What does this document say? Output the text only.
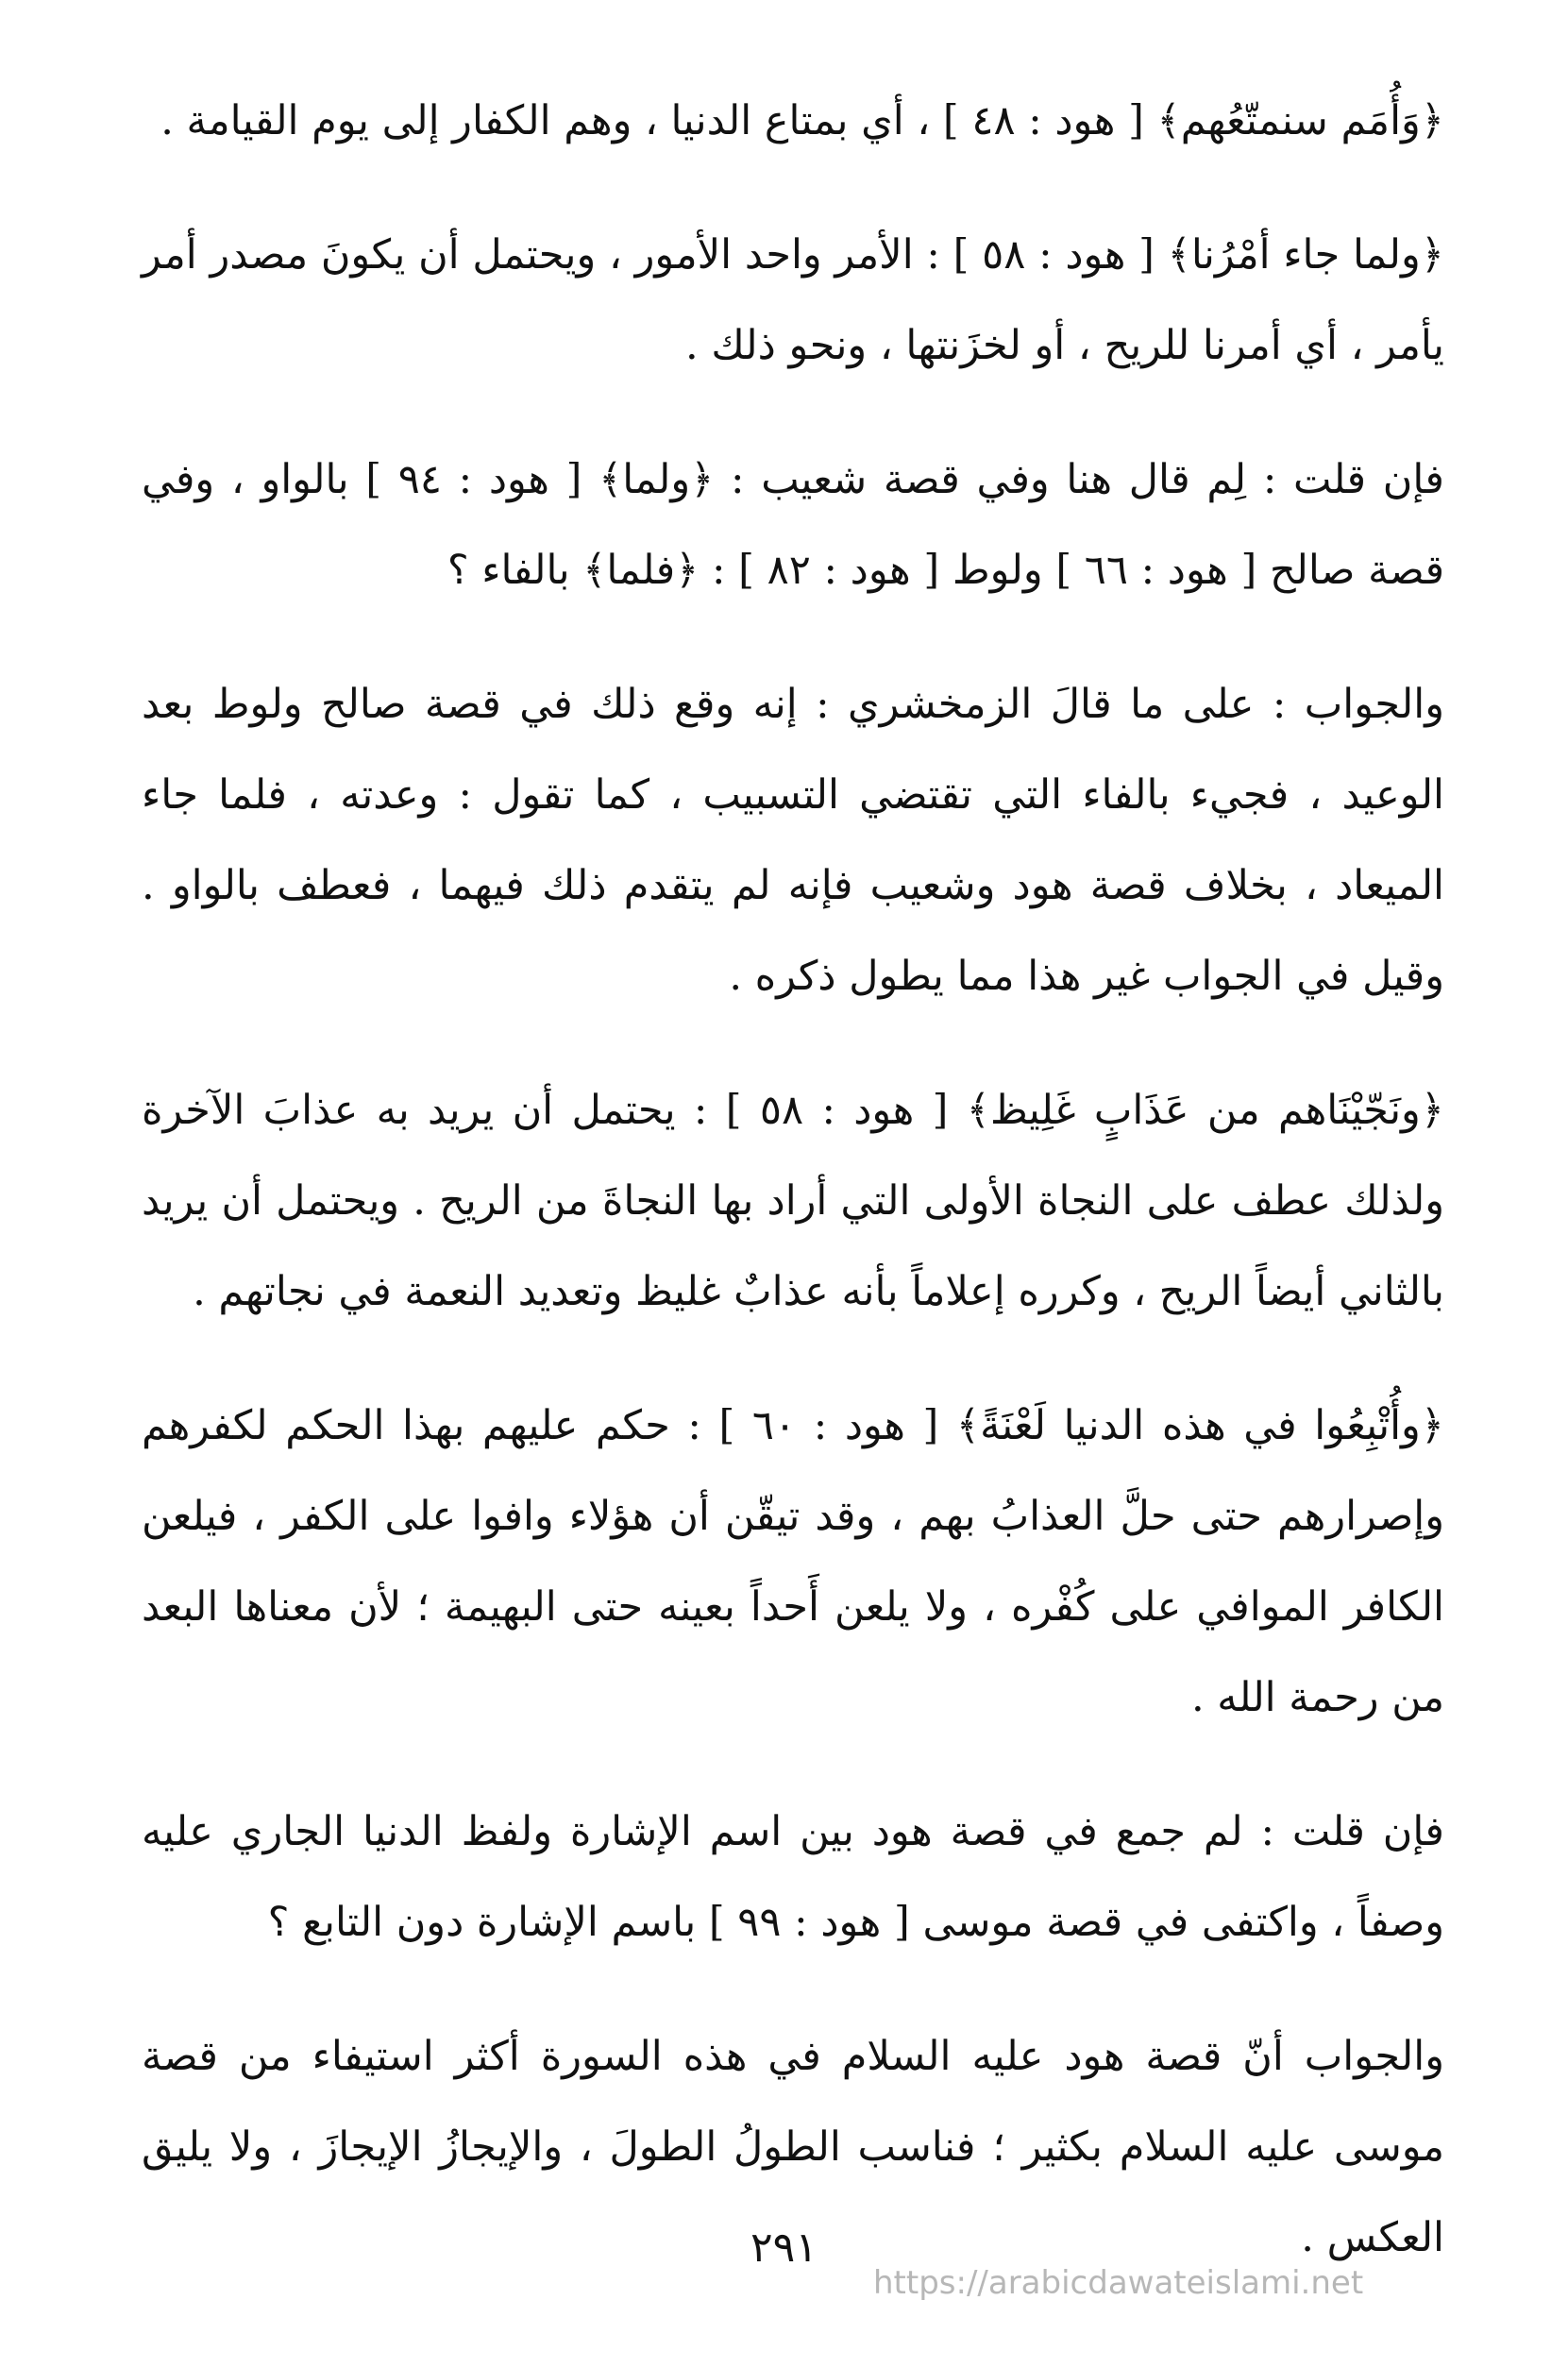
﴿وَأُمَم سنمتّعُهم﴾ [ هود : ٤٨ ] ، أي بمتاع الدنيا ، وهم الكفار إلى يوم القيامة .

﴿ولما جاء أمْرُنا﴾ [ هود : ٥٨ ] : الأمر واحد الأمور ، ويحتمل أن يكونَ مصدر أمر يأمر ، أي أمرنا للريح ، أو لخزَنتها ، ونحو ذلك .

فإن قلت : لِم قال هنا وفي قصة شعيب : ﴿ولما﴾ [ هود : ٩٤ ] بالواو ، وفي قصة صالح [ هود : ٦٦ ] ولوط [ هود : ٨٢ ] : ﴿فلما﴾ بالفاء ؟

والجواب : على ما قالَ الزمخشري : إنه وقع ذلك في قصة صالح ولوط بعد الوعيد ، فجيء بالفاء التي تقتضي التسبيب ، كما تقول : وعدته ، فلما جاء الميعاد ، بخلاف قصة هود وشعيب فإنه لم يتقدم ذلك فيهما ، فعطف بالواو . وقيل في الجواب غير هذا مما يطول ذكره .

﴿ونَجّيْنَاهم من عَذَابٍ غَلِيظ﴾ [ هود : ٥٨ ] : يحتمل أن يريد به عذابَ الآخرة ولذلك عطف على النجاة الأولى التي أراد بها النجاةَ من الريح . ويحتمل أن يريد بالثاني أيضاً الريح ، وكرره إعلاماً بأنه عذابٌ غليظ وتعديد النعمة في نجاتهم .

﴿وأُتْبِعُوا في هذه الدنيا لَعْنَةً﴾ [ هود : ٦٠ ] : حكم عليهم بهذا الحكم لكفرهم وإصرارهم حتى حلَّ العذابُ بهم ، وقد تيقّن أن هؤلاء وافوا على الكفر ، فيلعن الكافر الموافي على كُفْره ، ولا يلعن أَحداً بعينه حتى البهيمة ؛ لأن معناها البعد من رحمة الله .

فإن قلت : لم جمع في قصة هود بين اسم الإشارة ولفظ الدنيا الجاري عليه وصفاً ، واكتفى في قصة موسى [ هود : ٩٩ ] باسم الإشارة دون التابع ؟

والجواب أنّ قصة هود عليه السلام في هذه السورة أكثر استيفاء من قصة موسى عليه السلام بكثير ؛ فناسب الطولُ الطولَ ، والإيجازُ الإيجازَ ، ولا يليق العكس .

٢٩١
https://arabicdawateislami.net
